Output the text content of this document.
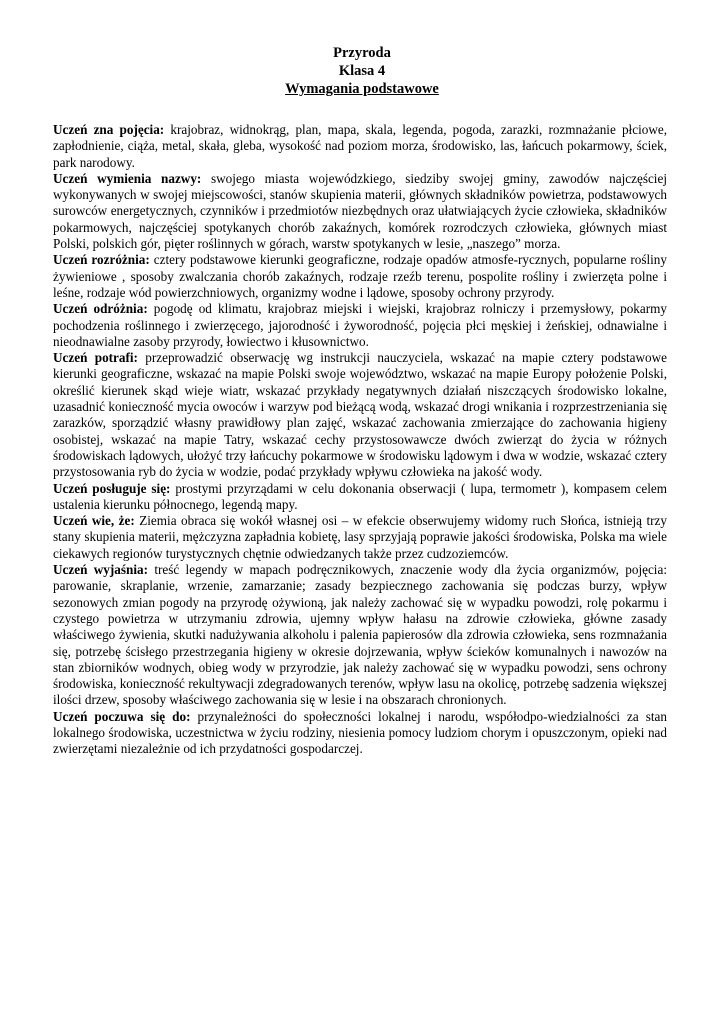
Przyroda
Klasa 4
Wymagania podstawowe

Uczeń zna pojęcia: krajobraz, widnokrąg, plan, mapa, skala, legenda, pogoda, zarazki, rozmnażanie płciowe, zapłodnienie, ciąża, metal, skała, gleba, wysokość nad poziom morza, środowisko, las, łańcuch pokarmowy, ściek, park narodowy.

Uczeń wymienia nazwy: swojego miasta wojewódzkiego, siedziby swojej gminy, zawodów najczęściej wykonywanych w swojej miejscowości, stanów skupienia materii, głównych składników powietrza, podstawowych surowców energetycznych, czynników i przedmiotów niezbędnych oraz ułatwiających życie człowieka, składników pokarmowych, najczęściej spotykanych chorób zakaźnych, komórek rozrodczych człowieka, głównych miast Polski, polskich gór, pięter roślinnych w górach, warstw spotykanych w lesie, „naszego” morza.

Uczeń rozróżnia: cztery podstawowe kierunki geograficzne, rodzaje opadów atmosfe-rycznych, popularne rośliny żywieniowe , sposoby zwalczania chorób zakaźnych, rodzaje rzeźb terenu, pospolite rośliny i zwierzęta polne i leśne, rodzaje wód powierzchniowych, organizmy wodne i lądowe, sposoby ochrony przyrody.

Uczeń odróżnia: pogodę od klimatu, krajobraz miejski i wiejski, krajobraz rolniczy i przemysłowy, pokarmy pochodzenia roślinnego i zwierzęcego, jajorodność i żyworodność, pojęcia płci męskiej i żeńskiej, odnawialne i nieodnawialne zasoby przyrody, łowiectwo i kłusownictwo.

Uczeń potrafi: przeprowadzić obserwację wg instrukcji nauczyciela, wskazać na mapie cztery podstawowe kierunki geograficzne, wskazać na mapie Polski swoje województwo, wskazać na mapie Europy położenie Polski, określić kierunek skąd wieje wiatr, wskazać przykłady negatywnych działań niszczących środowisko lokalne, uzasadnić konieczność mycia owoców i warzyw pod bieżącą wodą, wskazać drogi wnikania i rozprzestrzeniania się zarazków, sporządzić własny prawidłowy plan zajęć, wskazać zachowania zmierzające do zachowania higieny osobistej, wskazać na mapie Tatry, wskazać cechy przystosowawcze dwóch zwierząt do życia w różnych środowiskach lądowych, ułożyć trzy łańcuchy pokarmowe w środowisku lądowym i dwa w wodzie, wskazać cztery przystosowania ryb do życia w wodzie, podać przykłady wpływu człowieka na jakość wody.

Uczeń posługuje się: prostymi przyrządami w celu dokonania obserwacji ( lupa, termometr ), kompasem celem ustalenia kierunku północnego, legendą mapy.

Uczeń wie, że: Ziemia obraca się wokół własnej osi – w efekcie obserwujemy widomy ruch Słońca, istnieją trzy stany skupienia materii, mężczyzna zapładnia kobietę, lasy sprzyjają poprawie jakości środowiska, Polska ma wiele ciekawych regionów turystycznych chętnie odwiedzanych także przez cudzoziemców.

Uczeń wyjaśnia: treść legendy w mapach podręcznikowych, znaczenie wody dla życia organizmów, pojęcia: parowanie, skraplanie, wrzenie, zamarzanie; zasady bezpiecznego zachowania się podczas burzy, wpływ sezonowych zmian pogody na przyrodę ożywioną, jak należy zachować się w wypadku powodzi, rolę pokarmu i czystego powietrza w utrzymaniu zdrowia, ujemny wpływ hałasu na zdrowie człowieka, główne zasady właściwego żywienia, skutki nadużywania alkoholu i palenia papierosów dla zdrowia człowieka, sens rozmnażania się, potrzebę ścisłego przestrzegania higieny w okresie dojrzewania, wpływ ścieków komunalnych i nawozów na stan zbiorników wodnych, obieg wody w przyrodzie, jak należy zachować się w wypadku powodzi, sens ochrony środowiska, konieczność rekultywacji zdegradowanych terenów, wpływ lasu na okolicę, potrzebę sadzenia większej ilości drzew, sposoby właściwego zachowania się w lesie i na obszarach chronionych.

Uczeń poczuwa się do: przynależności do społeczności lokalnej i narodu, współodpo-wiedzialności za stan lokalnego środowiska, uczestnictwa w życiu rodziny, niesienia pomocy ludziom chorym i opuszczonym, opieki nad zwierzętami niezależnie od ich przydatności gospodarczej.
